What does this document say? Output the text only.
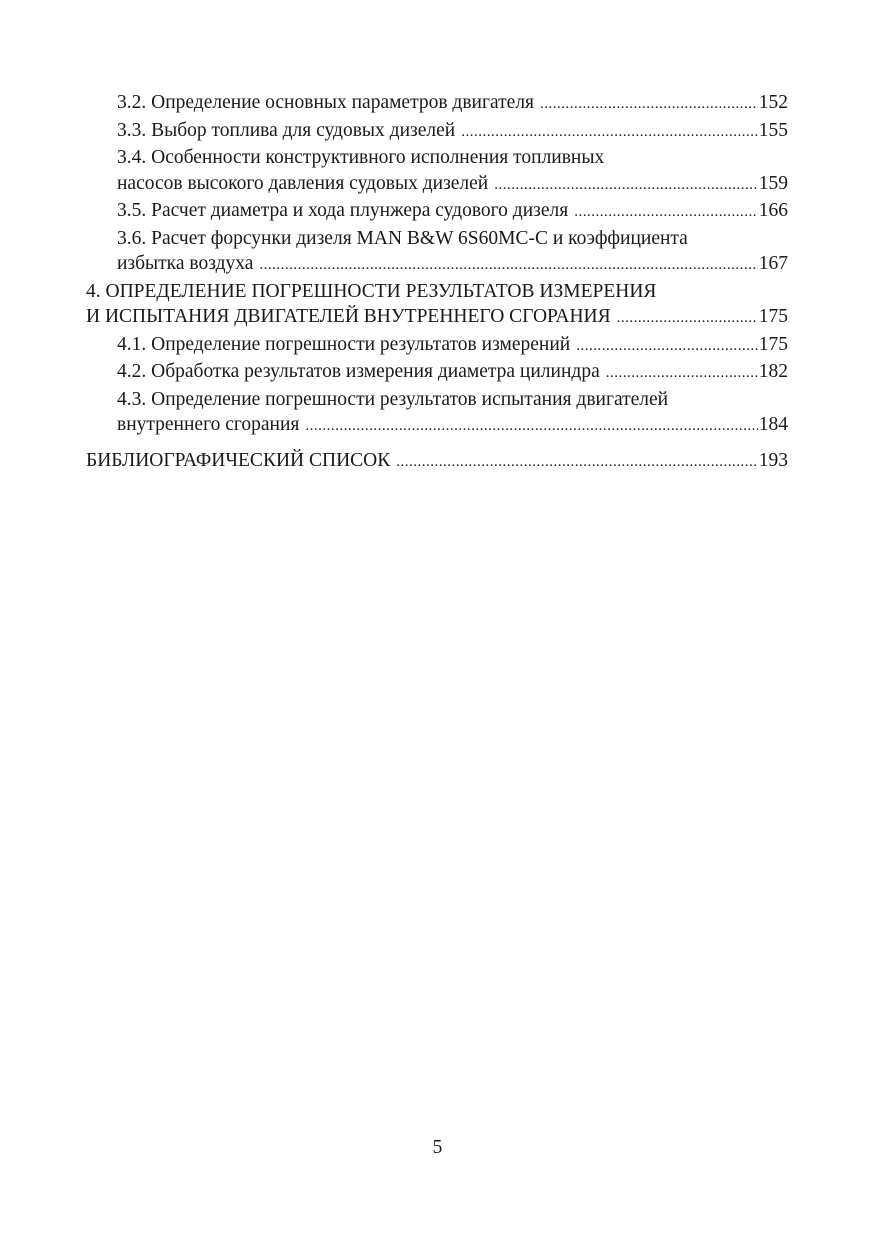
3.2. Определение основных параметров двигателя .....	152
3.3. Выбор топлива для судовых дизелей .....	155
3.4. Особенности конструктивного исполнения топливных
насосов высокого давления судовых дизелей .....	159
3.5. Расчет диаметра и хода плунжера судового дизеля .....	166
3.6. Расчет форсунки дизеля MAN B&W 6S60MC-C и коэффициента
избытка воздуха .....	167
4. ОПРЕДЕЛЕНИЕ ПОГРЕШНОСТИ РЕЗУЛЬТАТОВ ИЗМЕРЕНИЯ
И ИСПЫТАНИЯ ДВИГАТЕЛЕЙ ВНУТРЕННЕГО СГОРАНИЯ .....	175
4.1. Определение погрешности результатов измерений .....	175
4.2. Обработка результатов измерения диаметра цилиндра .....	182
4.3. Определение погрешности результатов испытания двигателей
внутреннего сгорания .....	184
БИБЛИОГРАФИЧЕСКИЙ СПИСОК .....	193
5
